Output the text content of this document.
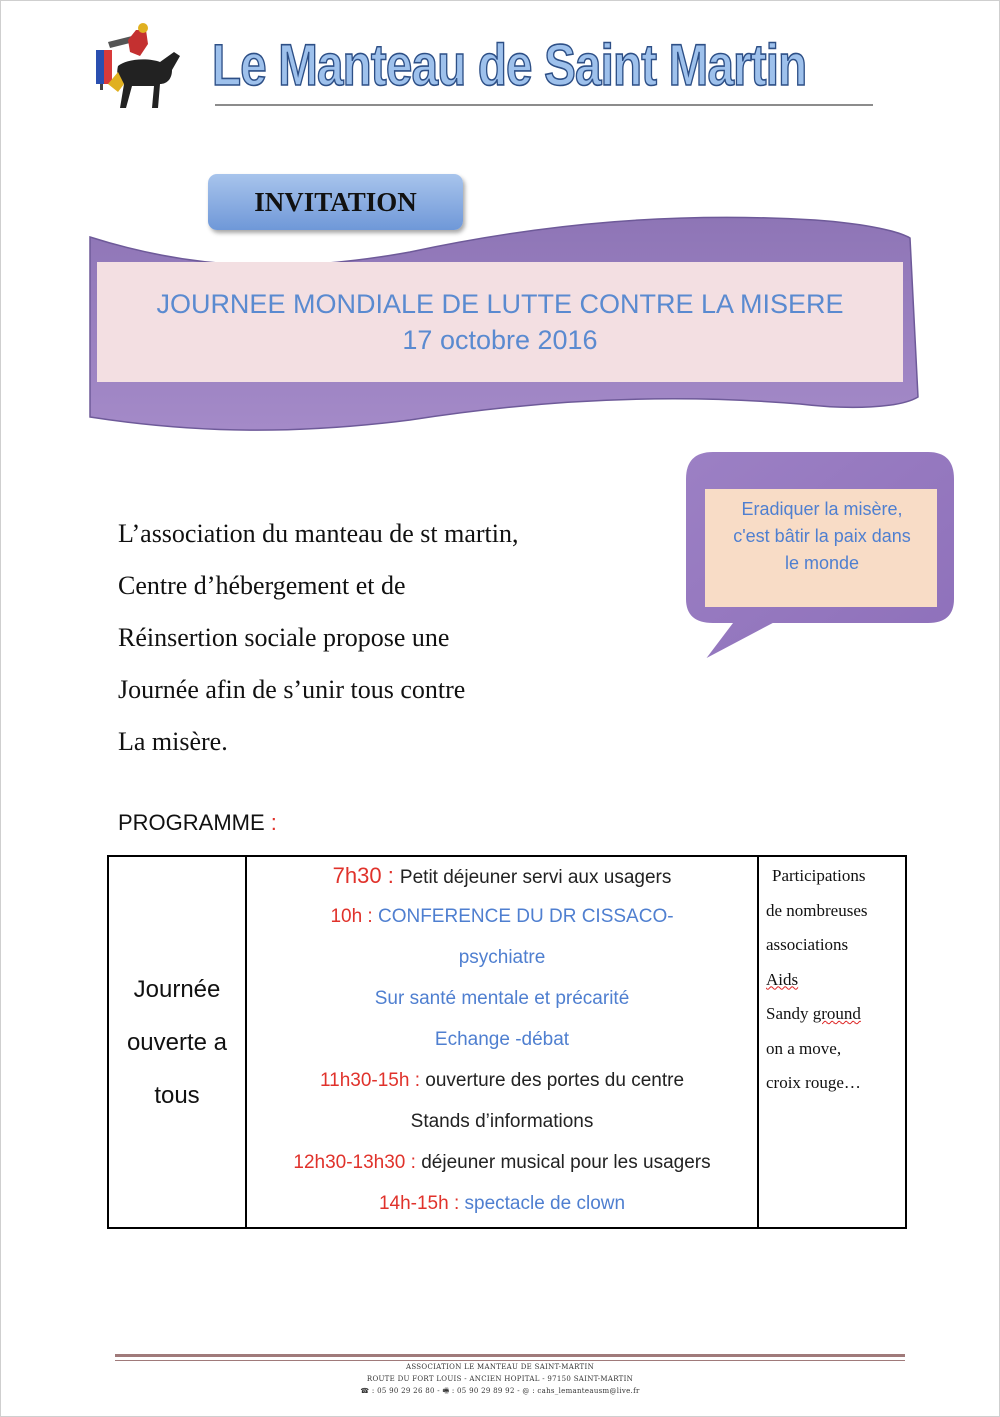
Le Manteau de Saint Martin
INVITATION
JOURNEE MONDIALE DE LUTTE CONTRE LA MISERE
17 octobre 2016
Eradiquer la misère,
c'est bâtir la paix dans
le monde
L’association du manteau de st martin,
Centre d’hébergement et de
Réinsertion sociale propose une
Journée afin de s’unir tous contre
La misère.
PROGRAMME :
Journée
ouverte a
tous

7h30 : Petit déjeuner servi aux usagers
10h : CONFERENCE DU DR CISSACO-
psychiatre
Sur santé mentale et précarité
Echange -débat
11h30-15h : ouverture des portes du centre
Stands d’informations
12h30-13h30 : déjeuner musical pour les usagers
14h-15h : spectacle de clown

Participations
de nombreuses
associations
Aids
Sandy ground
on a move,
croix rouge…
ASSOCIATION LE MANTEAU DE SAINT-MARTIN
ROUTE DU FORT LOUIS - ANCIEN HOPITAL - 97150 SAINT-MARTIN
☎ : 05 90 29 26 80 - 🖷 : 05 90 29 89 92 - @ : cahs_lemanteausm@live.fr
